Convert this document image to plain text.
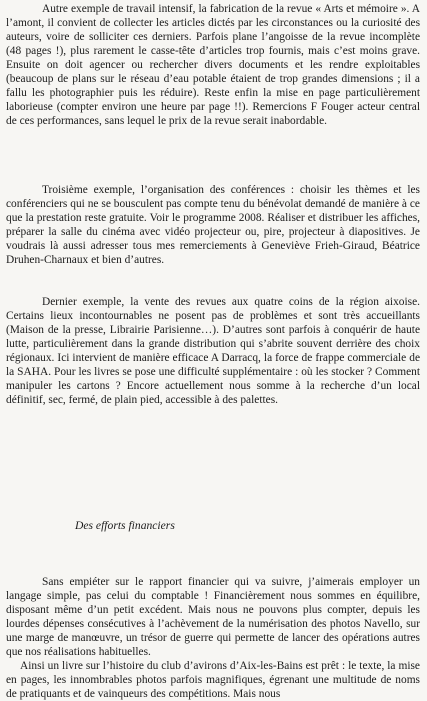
Autre exemple de travail intensif, la fabrication de la revue « Arts et mémoire ». A l’amont, il convient de collecter les articles dictés par les circonstances ou la curiosité des auteurs, voire de solliciter ces derniers. Parfois plane l’angoisse de la revue incomplète (48 pages !), plus rarement le casse-tête d’articles trop fournis, mais c’est moins grave. Ensuite on doit agencer ou rechercher divers documents et les rendre exploitables (beaucoup de plans sur le réseau d’eau potable étaient de trop grandes dimensions ; il a fallu les photographier puis les réduire). Reste enfin la mise en page particulièrement laborieuse (compter environ une heure par page !!). Remercions F Fouger acteur central de ces performances, sans lequel le prix de la revue serait inabordable.

Troisième exemple, l’organisation des conférences : choisir les thèmes et les conférenciers qui ne se bousculent pas compte tenu du bénévolat demandé de manière à ce que la prestation reste gratuite. Voir le programme 2008. Réaliser et distribuer les affiches, préparer la salle du cinéma avec vidéo projecteur ou, pire, projecteur à diapositives. Je voudrais là aussi adresser tous mes remerciements à Geneviève Frieh-Giraud, Béatrice Druhen-Charnaux et bien d’autres.

Dernier exemple, la vente des revues aux quatre coins de la région aixoise. Certains lieux incontournables ne posent pas de problèmes et sont très accueillants (Maison de la presse, Librairie Parisienne…). D’autres sont parfois à conquérir de haute lutte, particulièrement dans la grande distribution qui s’abrite souvent derrière des choix régionaux. Ici intervient de manière efficace A Darracq, la force de frappe commerciale de la SAHA. Pour les livres se pose une difficulté supplémentaire : où les stocker ? Comment manipuler les cartons ? Encore actuellement nous somme à la recherche d’un local définitif, sec, fermé, de plain pied, accessible à des palettes.

Des efforts financiers

Sans empiéter sur le rapport financier qui va suivre, j’aimerais employer un langage simple, pas celui du comptable ! Financièrement nous sommes en équilibre, disposant même d’un petit excédent. Mais nous ne pouvons plus compter, depuis les lourdes dépenses consécutives à l’achèvement de la numérisation des photos Navello, sur une marge de manœuvre, un trésor de guerre qui permette de lancer des opérations autres que nos réalisations habituelles.

Ainsi un livre sur l’histoire du club d’avirons d’Aix-les-Bains est prêt : le texte, la mise en pages, les innombrables photos parfois magnifiques, égrenant une multitude de noms de pratiquants et de vainqueurs des compétitions. Mais nous
